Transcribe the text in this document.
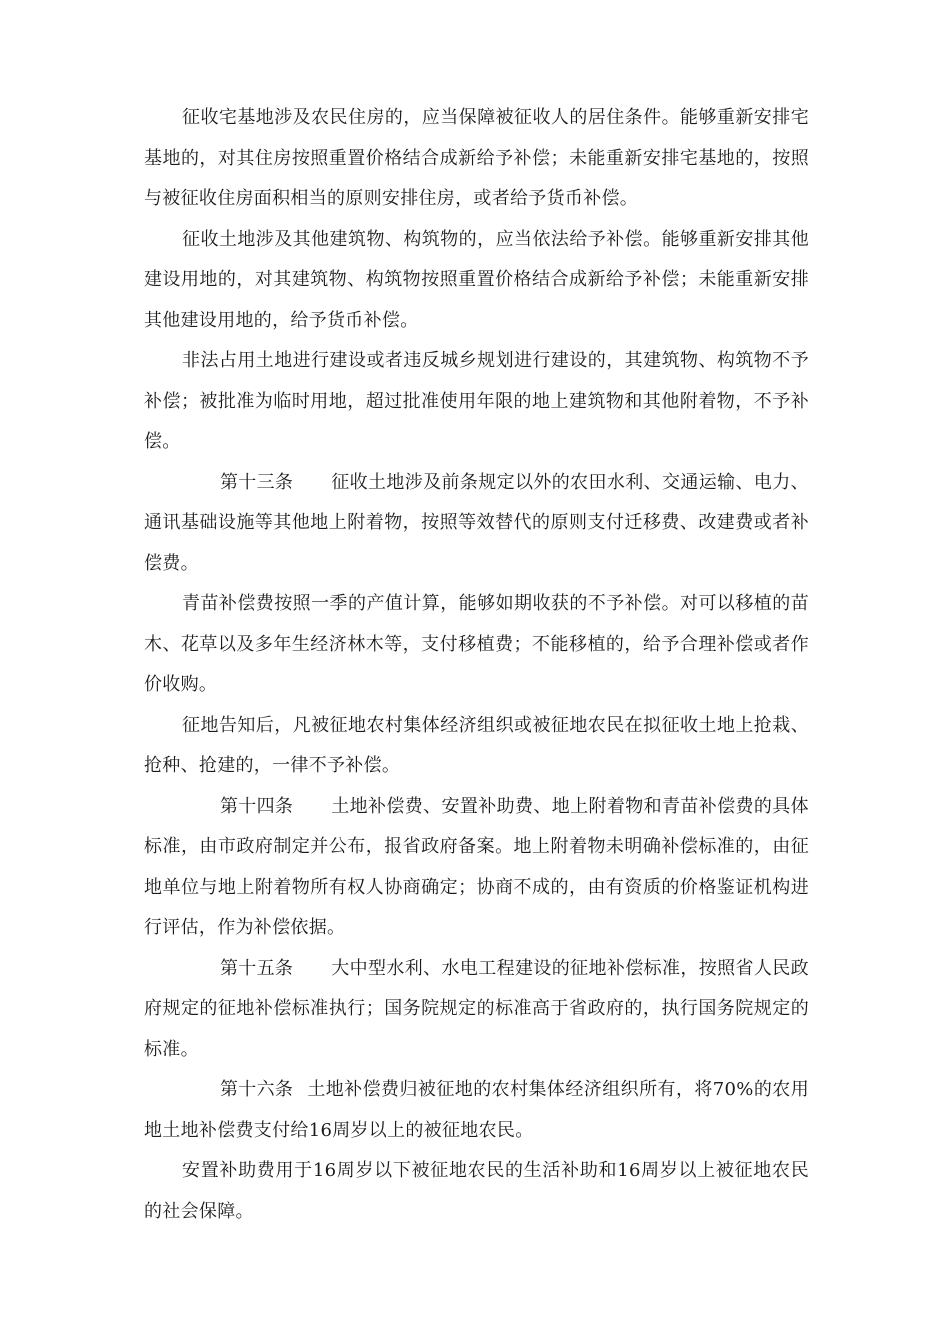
征收宅基地涉及农民住房的，应当保障被征收人的居住条件。能够重新安排宅基地的，对其住房按照重置价格结合成新给予补偿；未能重新安排宅基地的，按照与被征收住房面积相当的原则安排住房，或者给予货币补偿。

征收土地涉及其他建筑物、构筑物的，应当依法给予补偿。能够重新安排其他建设用地的，对其建筑物、构筑物按照重置价格结合成新给予补偿；未能重新安排其他建设用地的，给予货币补偿。

非法占用土地进行建设或者违反城乡规划进行建设的，其建筑物、构筑物不予补偿；被批准为临时用地，超过批准使用年限的地上建筑物和其他附着物，不予补偿。

第十三条 征收土地涉及前条规定以外的农田水利、交通运输、电力、通讯基础设施等其他地上附着物，按照等效替代的原则支付迁移费、改建费或者补偿费。

青苗补偿费按照一季的产值计算，能够如期收获的不予补偿。对可以移植的苗木、花草以及多年生经济林木等，支付移植费；不能移植的，给予合理补偿或者作价收购。

征地告知后，凡被征地农村集体经济组织或被征地农民在拟征收土地上抢栽、抢种、抢建的，一律不予补偿。

第十四条 土地补偿费、安置补助费、地上附着物和青苗补偿费的具体标准，由市政府制定并公布，报省政府备案。地上附着物未明确补偿标准的，由征地单位与地上附着物所有权人协商确定；协商不成的，由有资质的价格鉴证机构进行评估，作为补偿依据。

第十五条 大中型水利、水电工程建设的征地补偿标准，按照省人民政府规定的征地补偿标准执行；国务院规定的标准高于省政府的，执行国务院规定的标准。

第十六条 土地补偿费归被征地的农村集体经济组织所有，将70%的农用地土地补偿费支付给16周岁以上的被征地农民。

安置补助费用于16周岁以下被征地农民的生活补助和16周岁以上被征地农民的社会保障。
